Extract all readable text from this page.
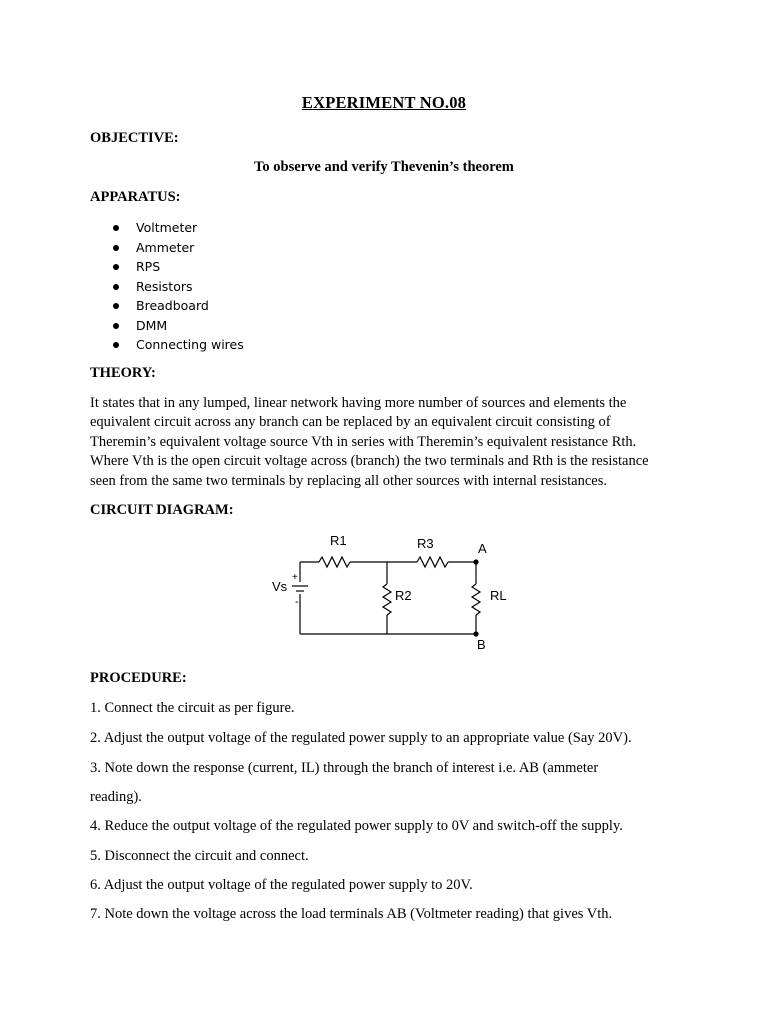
EXPERIMENT NO.08
OBJECTIVE:
To observe and verify Thevenin’s theorem
APPARATUS:
Voltmeter
Ammeter
RPS
Resistors
Breadboard
DMM
Connecting wires
THEORY:
It states that in any lumped, linear network having more number of sources and elements the
equivalent circuit across any branch can be replaced by an equivalent circuit consisting of
Theremin’s equivalent voltage source Vth in series with Theremin’s equivalent resistance Rth.
Where Vth is the open circuit voltage across (branch) the two terminals and Rth is the resistance
seen from the same two terminals by replacing all other sources with internal resistances.
CIRCUIT DIAGRAM:
R1	R3	A
Vs
+
-	R2	RL
B
PROCEDURE:
1. Connect the circuit as per figure.
2. Adjust the output voltage of the regulated power supply to an appropriate value (Say 20V).
3. Note down the response (current, IL) through the branch of interest i.e. AB (ammeter
reading).
4. Reduce the output voltage of the regulated power supply to 0V and switch-off the supply.
5. Disconnect the circuit and connect.
6. Adjust the output voltage of the regulated power supply to 20V.
7. Note down the voltage across the load terminals AB (Voltmeter reading) that gives Vth.
